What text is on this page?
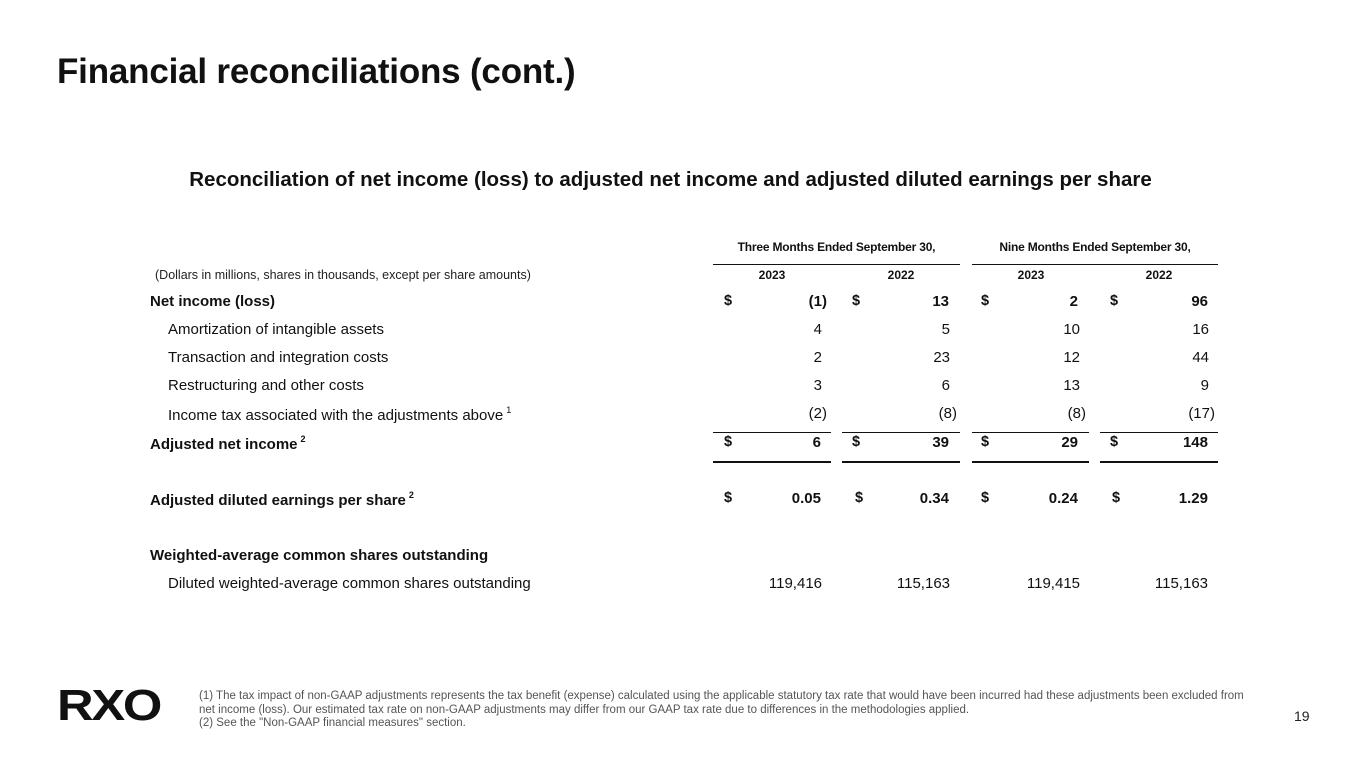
Financial reconciliations (cont.)
Reconciliation of net income (loss) to adjusted net income and adjusted diluted earnings per share
Three Months Ended September 30,	Nine Months Ended September 30,
(Dollars in millions, shares in thousands, except per share amounts)	2023	2022	2023	2022
Net income (loss)	$	(1) $	13 $	2 $	96
Amortization of intangible assets	4	5	10	16
Transaction and integration costs	2	23	12	44
Restructuring and other costs	3	6	13	9
Income tax associated with the adjustments above $^1$	(2)	(8)	(8)	(17)
Adjusted net income $^2$	$	6 $	39 $	29 $	148
Adjusted diluted earnings per share $^2$	$	0.05 $	0.34 $	0.24 $	1.29
Weighted-average common shares outstanding
Diluted weighted-average common shares outstanding	119,416	115,163	119,415	115,163
RXO	(1) The tax impact of non-GAAP adjustments represents the tax benefit (expense) calculated using the applicable statutory tax rate that would have been incurred had these adjustments been excluded from net income (loss). Our estimated tax rate on non-GAAP adjustments may differ from our GAAP tax rate due to differences in the methodologies applied.

(2) See the "Non-GAAP financial measures" section.	19
